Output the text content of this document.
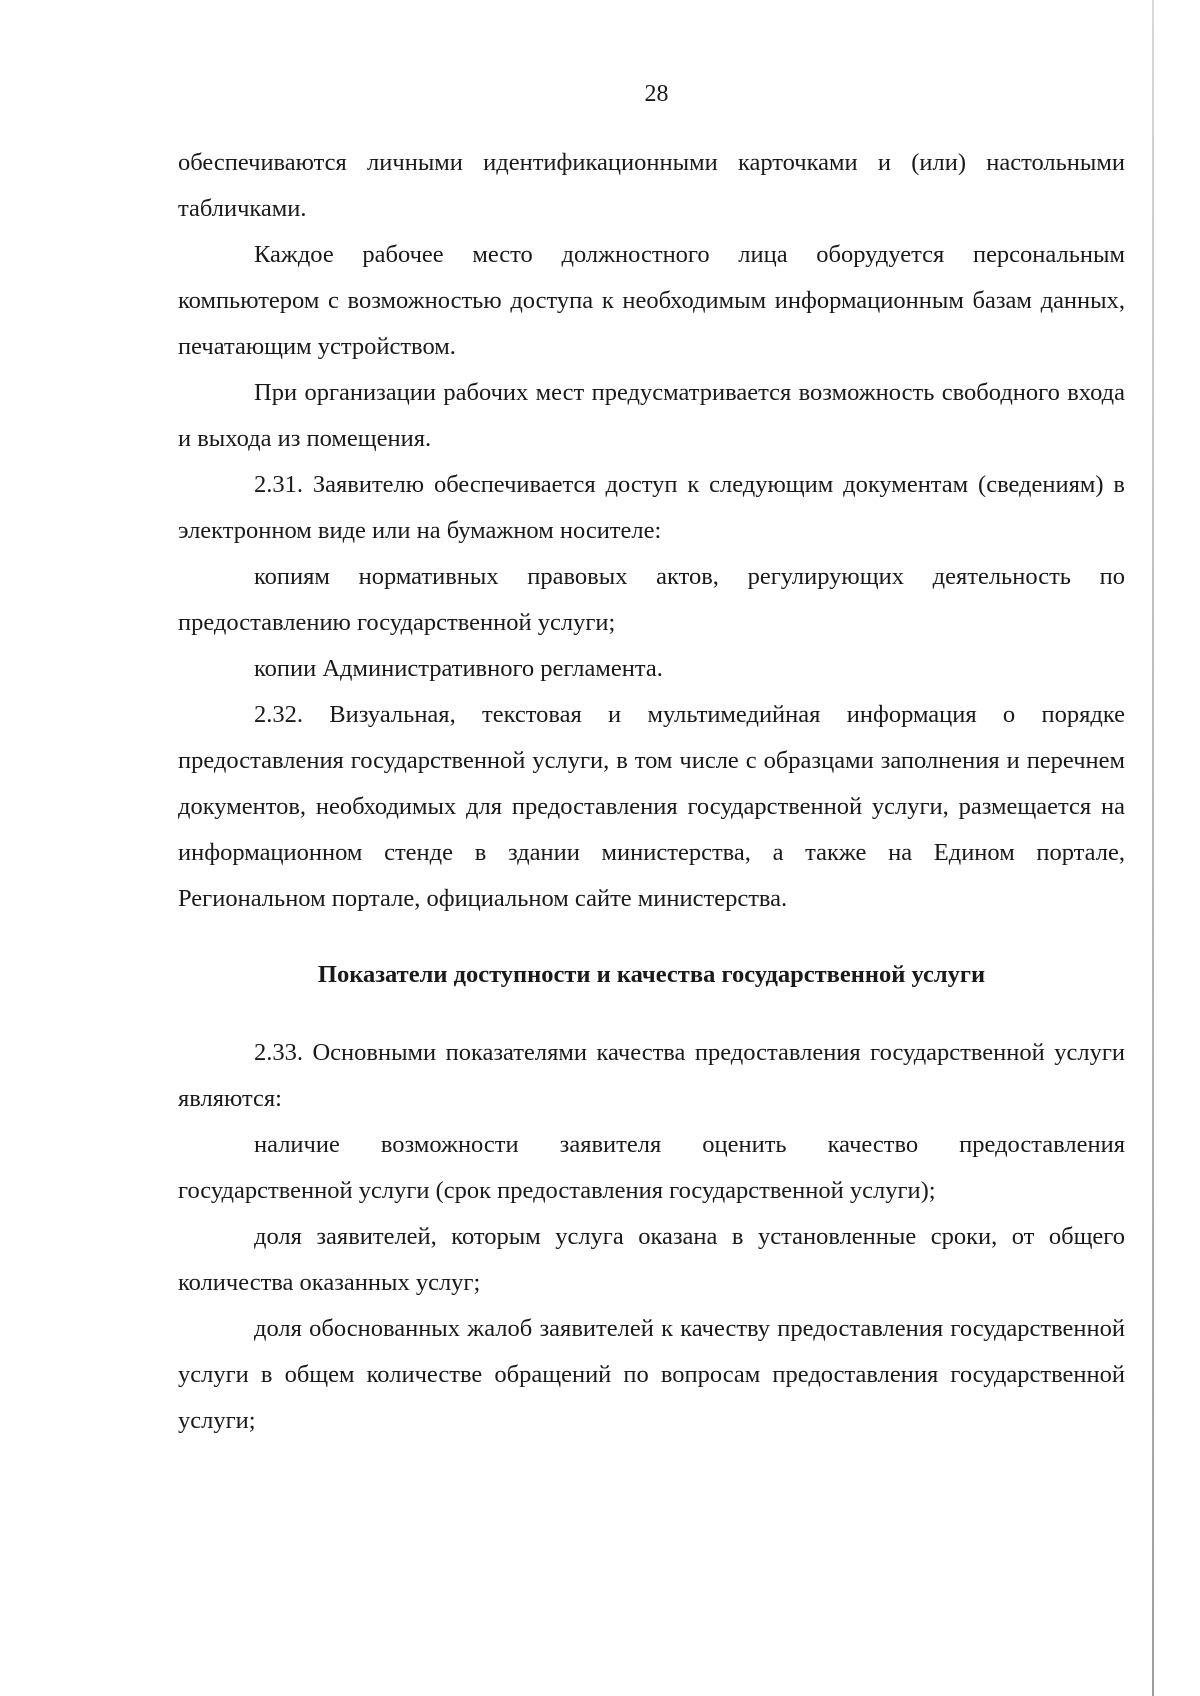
28

обеспечиваются личными идентификационными карточками и (или) настольными табличками.

Каждое рабочее место должностного лица оборудуется персональным компьютером с возможностью доступа к необходимым информационным базам данных, печатающим устройством.

При организации рабочих мест предусматривается возможность свободного входа и выхода из помещения.

2.31. Заявителю обеспечивается доступ к следующим документам (сведениям) в электронном виде или на бумажном носителе:

копиям нормативных правовых актов, регулирующих деятельность по предоставлению государственной услуги;

копии Административного регламента.

2.32. Визуальная, текстовая и мультимедийная информация о порядке предоставления государственной услуги, в том числе с образцами заполнения и перечнем документов, необходимых для предоставления государственной услуги, размещается на информационном стенде в здании министерства, а также на Едином портале, Региональном портале, официальном сайте министерства.

Показатели доступности и качества государственной услуги

2.33. Основными показателями качества предоставления государственной услуги являются:

наличие возможности заявителя оценить качество предоставления государственной услуги (срок предоставления государственной услуги);

доля заявителей, которым услуга оказана в установленные сроки, от общего количества оказанных услуг;

доля обоснованных жалоб заявителей к качеству предоставления государственной услуги в общем количестве обращений по вопросам предоставления государственной услуги;
